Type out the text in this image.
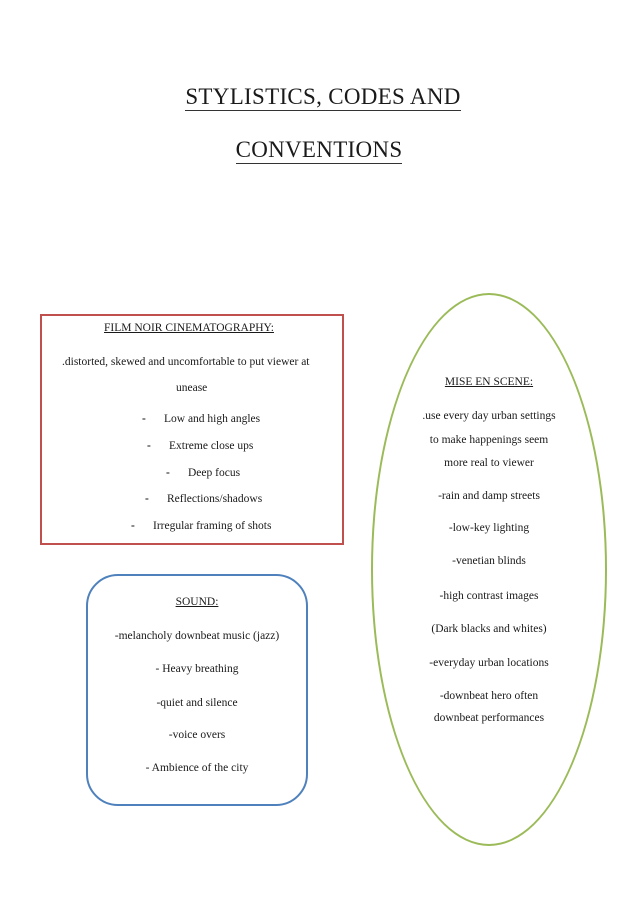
STYLISTICS, CODES AND
CONVENTIONS
FILM NOIR CINEMATOGRAPHY:
.distorted, skewed and uncomfortable to put viewer at
unease
- Low and high angles
- Extreme close ups
- Deep focus
- Reflections/shadows
- Irregular framing of shots
SOUND:
-melancholy downbeat music (jazz)
- Heavy breathing
-quiet and silence
-voice overs
- Ambience of the city
MISE EN SCENE:
.use every day urban settings
to make happenings seem
more real to viewer
-rain and damp streets
-low-key lighting
-venetian blinds
-high contrast images
(Dark blacks and whites)
-everyday urban locations
-downbeat hero often
downbeat performances
